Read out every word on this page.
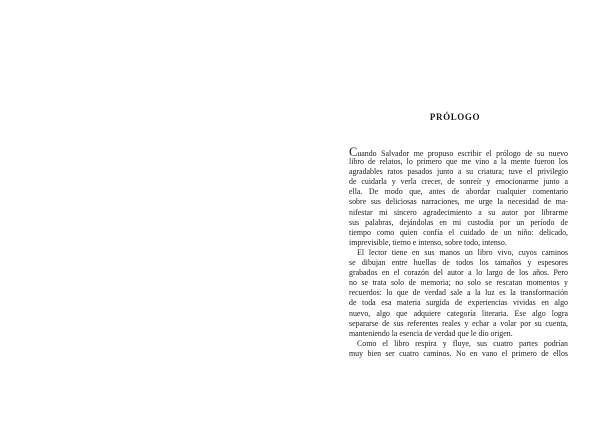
PRÓLOGO
Cuando Salvador me propuso escribir el prólogo de su nuevo
libro de relatos, lo primero que me vino a la mente fueron los
agradables ratos pasados junto a su criatura; tuve el privilegio
de cuidarla y verla crecer, de sonreír y emocionarme junto a
ella. De modo que, antes de abordar cualquier comentario
sobre sus deliciosas narraciones, me urge la necesidad de ma-
nifestar mi sincero agradecimiento a su autor por librarme
sus palabras, dejándolas en mi custodia por un período de
tiempo como quien confía el cuidado de un niño: delicado,
imprevisible, tierno e intenso, sobre todo, intenso.
El lector tiene en sus manos un libro vivo, cuyos caminos
se dibujan entre huellas de todos los tamaños y espesores
grabados en el corazón del autor a lo largo de los años. Pero
no se trata solo de memoria; no solo se rescatan momentos y
recuerdos: lo que de verdad sale a la luz es la transformación
de toda esa materia surgida de experiencias vividas en algo
nuevo, algo que adquiere categoría literaria. Ese algo logra
separarse de sus referentes reales y echar a volar por su cuenta,
manteniendo la esencia de verdad que le dio origen.
Como el libro respira y fluye, sus cuatro partes podrían
muy bien ser cuatro caminos. No en vano el primero de ellos
